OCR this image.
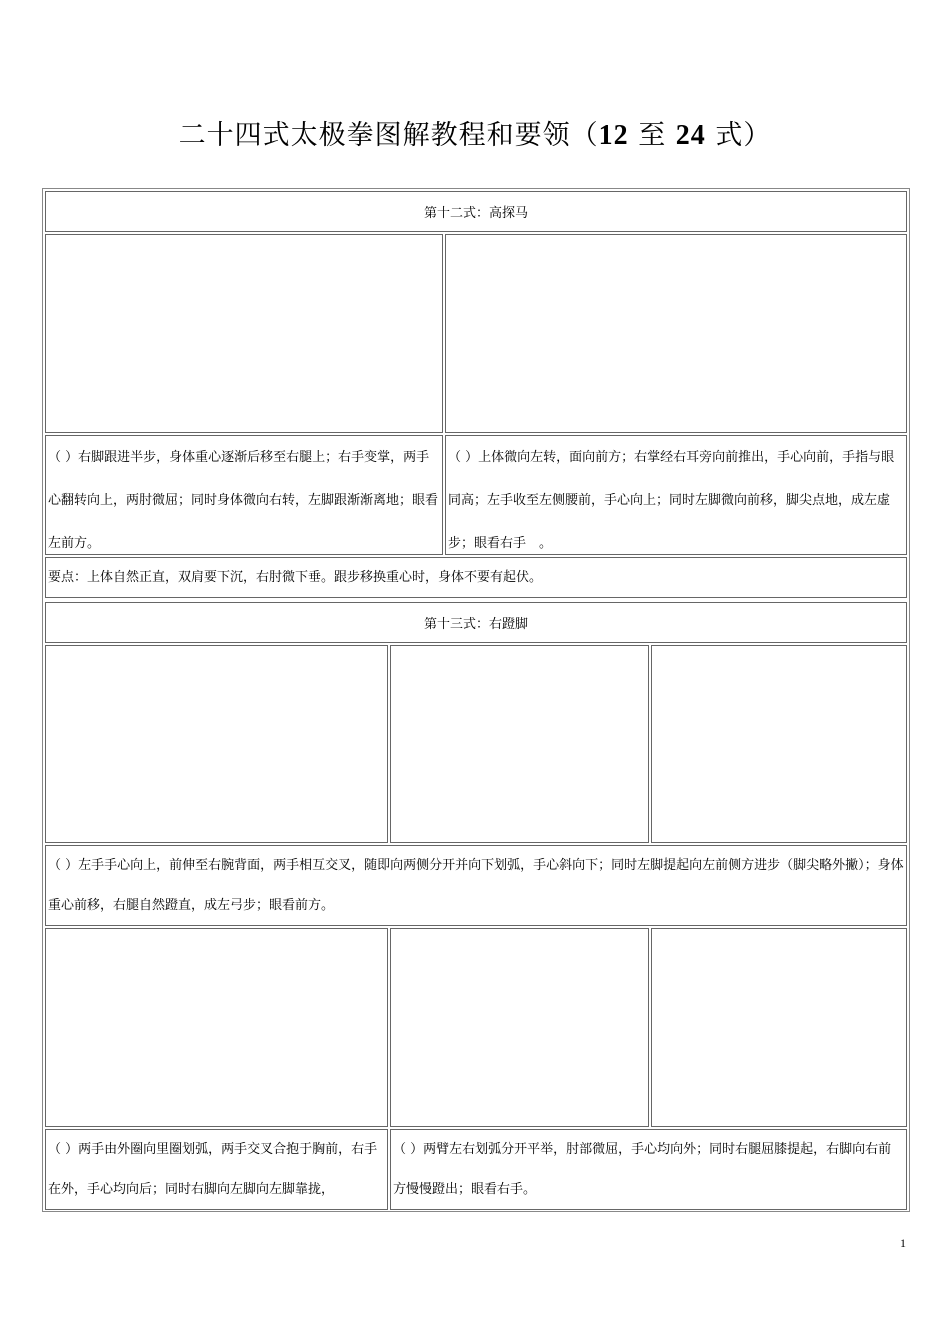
二十四式太极拳图解教程和要领（12 至 24 式）
第十二式：高探马
（ ）右脚跟进半步，身体重心逐渐后移至右腿上；右手变掌，两手心翻转向上，两肘微屈；同时身体微向右转，左脚跟渐渐离地；眼看左前方。
（ ）上体微向左转，面向前方；右掌经右耳旁向前推出，手心向前，手指与眼同高；左手收至左侧腰前，手心向上；同时左脚微向前移，脚尖点地，成左虚步；眼看右手　。
要点：上体自然正直，双肩要下沉，右肘微下垂。跟步移换重心时，身体不要有起伏。
第十三式：右蹬脚
（ ）左手手心向上，前伸至右腕背面，两手相互交叉，随即向两侧分开并向下划弧，手心斜向下；同时左脚提起向左前侧方进步（脚尖略外撇）；身体重心前移，右腿自然蹬直，成左弓步；眼看前方。
（ ）两手由外圈向里圈划弧，两手交叉合抱于胸前，右手在外，手心均向后；同时右脚向左脚向左脚靠拢，
（ ）两臂左右划弧分开平举，肘部微屈，手心均向外；同时右腿屈膝提起，右脚向右前方慢慢蹬出；眼看右手。
1
